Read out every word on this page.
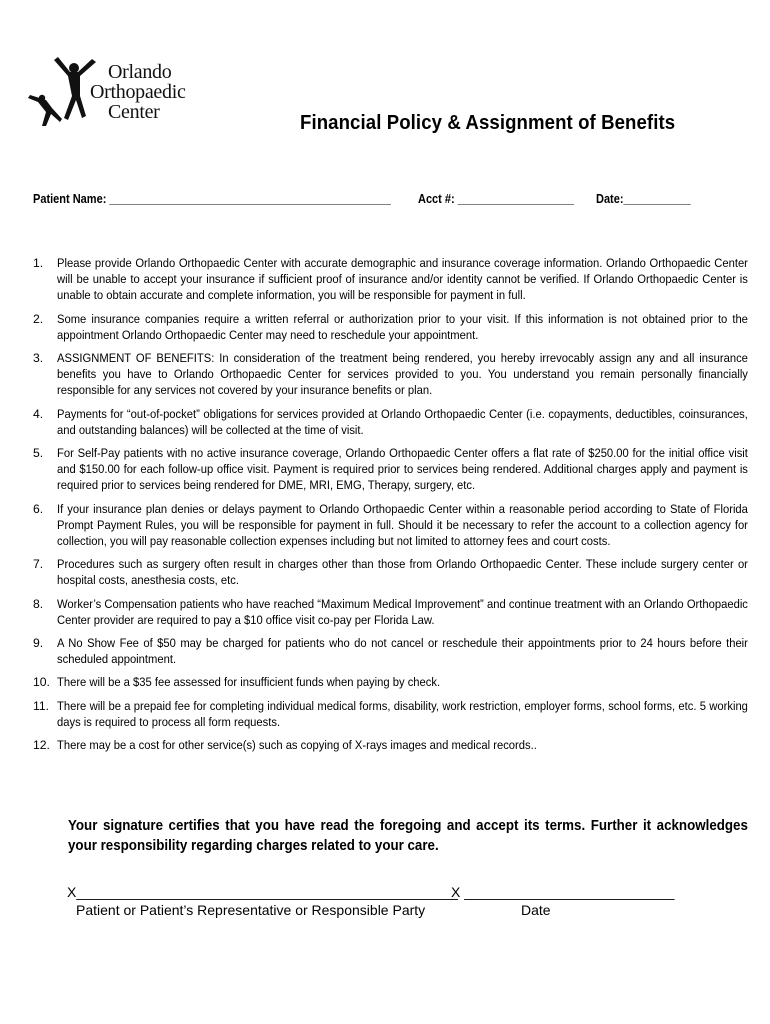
Orlando
Orthopaedic
Center	Financial Policy & Assignment of Benefits
Patient Name: ______________________________________________ Acct #: ___________________ Date:___________
1. Please provide Orlando Orthopaedic Center with accurate demographic and insurance coverage information. Orlando Orthopaedic Center will be unable to accept your insurance if sufficient proof of insurance and/or identity cannot be verified. If Orlando Orthopaedic Center is unable to obtain accurate and complete information, you will be responsible for payment in full.
2. Some insurance companies require a written referral or authorization prior to your visit. If this information is not obtained prior to the appointment Orlando Orthopaedic Center may need to reschedule your appointment.
3. ASSIGNMENT OF BENEFITS: In consideration of the treatment being rendered, you hereby irrevocably assign any and all insurance benefits you have to Orlando Orthopaedic Center for services provided to you. You understand you remain personally financially responsible for any services not covered by your insurance benefits or plan.
4. Payments for “out-of-pocket” obligations for services provided at Orlando Orthopaedic Center (i.e. copayments, deductibles, coinsurances, and outstanding balances) will be collected at the time of visit.
5. For Self-Pay patients with no active insurance coverage, Orlando Orthopaedic Center offers a flat rate of $250.00 for the initial office visit and $150.00 for each follow-up office visit. Payment is required prior to services being rendered. Additional charges apply and payment is required prior to services being rendered for DME, MRI, EMG, Therapy, surgery, etc.
6. If your insurance plan denies or delays payment to Orlando Orthopaedic Center within a reasonable period according to State of Florida Prompt Payment Rules, you will be responsible for payment in full. Should it be necessary to refer the account to a collection agency for collection, you will pay reasonable collection expenses including but not limited to attorney fees and court costs.
7. Procedures such as surgery often result in charges other than those from Orlando Orthopaedic Center. These include surgery center or hospital costs, anesthesia costs, etc.
8. Worker’s Compensation patients who have reached “Maximum Medical Improvement” and continue treatment with an Orlando Orthopaedic Center provider are required to pay a $10 office visit co-pay per Florida Law.
9. A No Show Fee of $50 may be charged for patients who do not cancel or reschedule their appointments prior to 24 hours before their scheduled appointment.
10. There will be a $35 fee assessed for insufficient funds when paying by check.
11. There will be a prepaid fee for completing individual medical forms, disability, work restriction, employer forms, school forms, etc. 5 working days is required to process all form requests.
12. There may be a cost for other service(s) such as copying of X-rays images and medical records..
Your signature certifies that you have read the foregoing and accept its terms. Further it acknowledges your responsibility regarding charges related to your care.
X_________________________________________________
X ___________________________
Patient or Patient’s Representative or Responsible Party	Date
